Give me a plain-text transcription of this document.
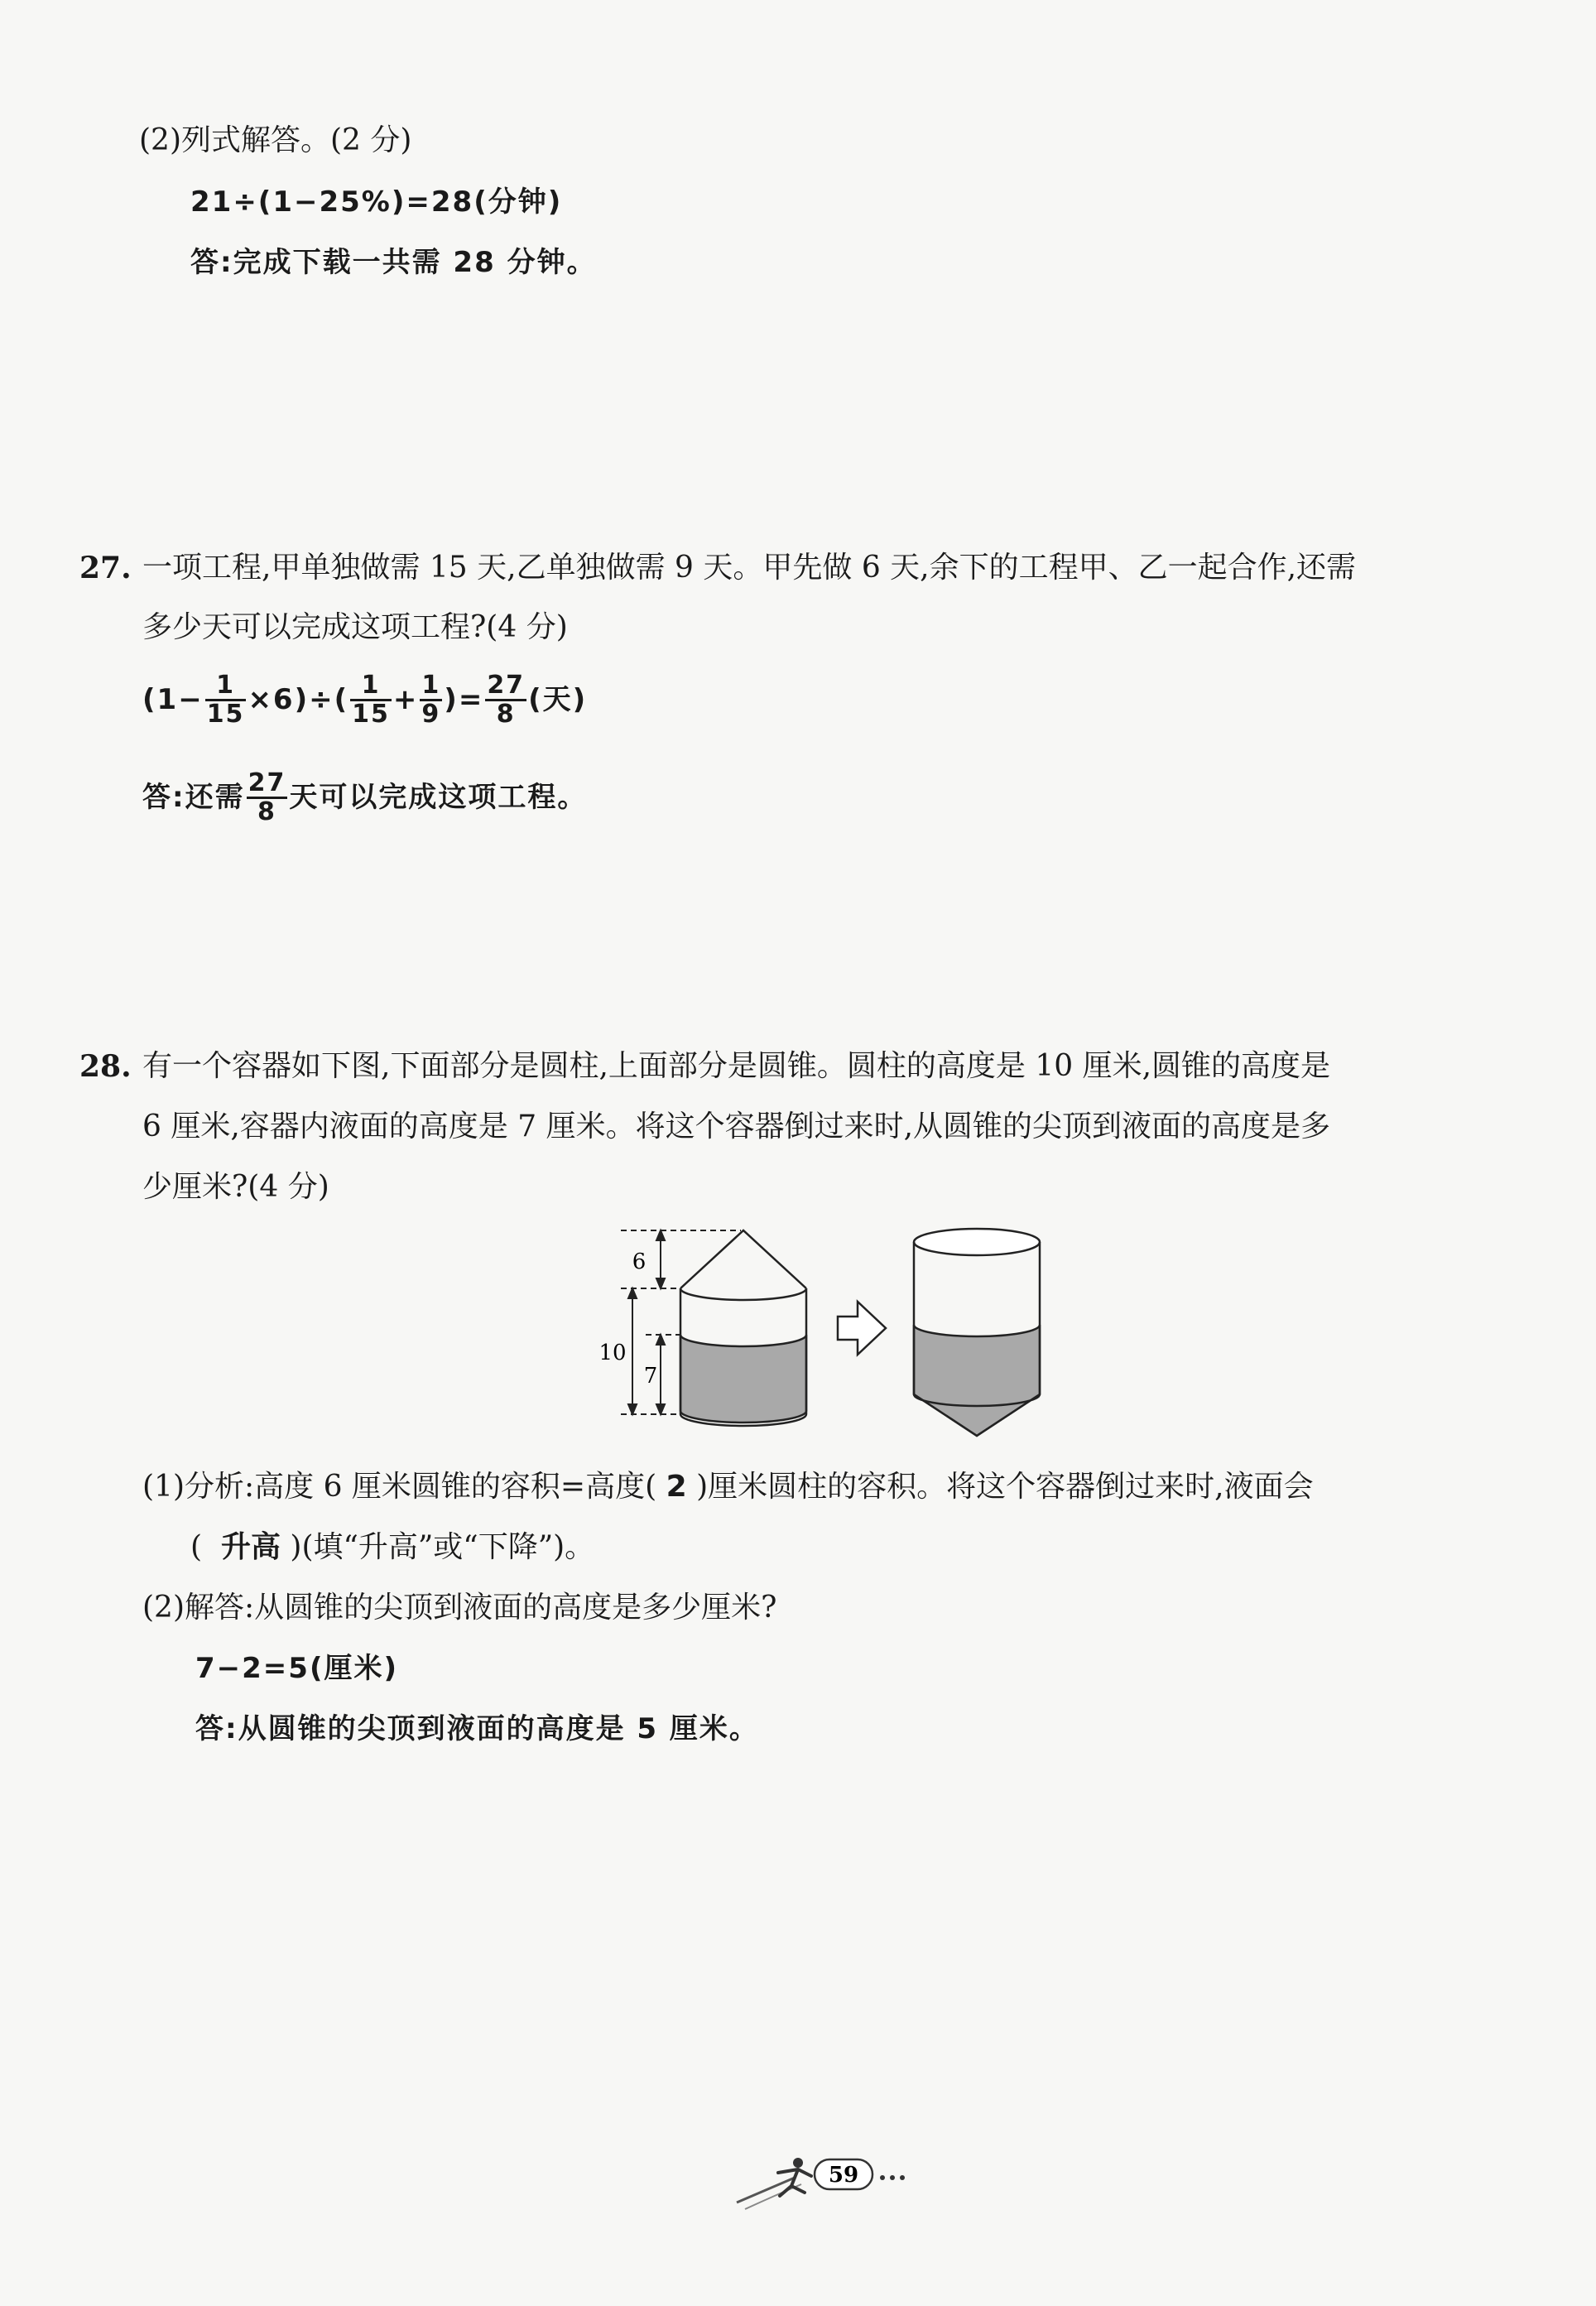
(2)列式解答。(2 分)
21÷(1−25%)=28(分钟)
答:完成下载一共需 28 分钟。
27. 一项工程,甲单独做需 15 天,乙单独做需 9 天。甲先做 6 天,余下的工程甲、乙一起合作,还需
多少天可以完成这项工程?(4 分)
$(1- \frac{1}{15} \times 6)\div( \frac{1}{15} + \frac{1}{9}$ )= $\frac{27}{8}$ (天)
答:还需 $\frac{27}{8}$ 天可以完成这项工程。
28. 有一个容器如下图,下面部分是圆柱,上面部分是圆锥。圆柱的高度是 10 厘米,圆锥的高度是
6 厘米,容器内液面的高度是 7 厘米。将这个容器倒过来时,从圆锥的尖顶到液面的高度是多
少厘米?(4 分)
6
10
7
(1)分析:高度 6 厘米圆锥的容积=高度( 2 )厘米圆柱的容积。将这个容器倒过来时,液面会
( 升高 )(填“升高”或“下降”)。
(2)解答:从圆锥的尖顶到液面的高度是多少厘米?
7−2=5(厘米)
答:从圆锥的尖顶到液面的高度是 5 厘米。
59
